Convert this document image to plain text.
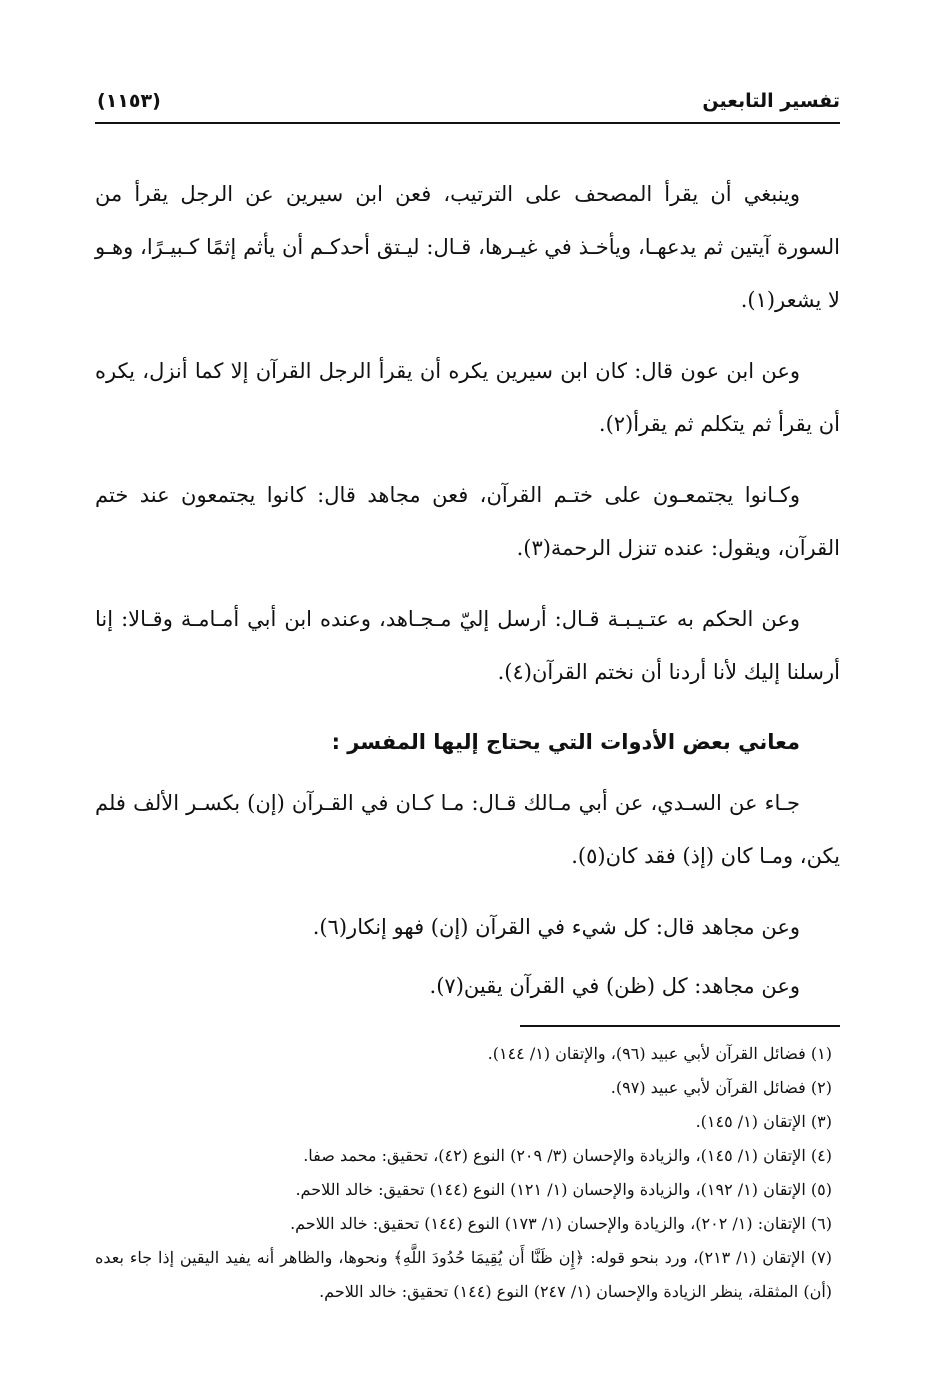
تفسير التابعين
(١١٥٣)

وينبغي أن يقرأ المصحف على الترتيب، فعن ابن سيرين عن الرجل يقرأ من السورة آيتين ثم يدعهـا، ويأخـذ في غيـرها، قـال: ليـتق أحدكـم أن يأثم إثمًا كـبيـرًا، وهـو لا يشعر(١).

وعن ابن عون قال: كان ابن سيرين يكره أن يقرأ الرجل القرآن إلا كما أنزل، يكره أن يقرأ ثم يتكلم ثم يقرأ(٢).

وكـانوا يجتمعـون على ختـم القرآن، فعن مجاهد قال: كانوا يجتمعون عند ختم القرآن، ويقول: عنده تنزل الرحمة(٣).

وعن الحكم به عتـيـبـة قـال: أرسل إليّ مـجـاهد، وعنده ابن أبي أمـامـة وقـالا: إنا أرسلنا إليك لأنا أردنا أن نختم القرآن(٤).

معاني بعض الأدوات التي يحتاج إليها المفسر :

جـاء عن السـدي، عن أبي مـالك قـال: مـا كـان في القـرآن (إن) بكسـر الألف فلم يكن، ومـا كان (إذ) فقد كان(٥).

وعن مجاهد قال: كل شيء في القرآن (إن) فهو إنكار(٦).

وعن مجاهد: كل (ظن) في القرآن يقين(٧).

(١) فضائل القرآن لأبي عبيد (٩٦)، والإتقان (١/ ١٤٤).

(٢) فضائل القرآن لأبي عبيد (٩٧).

(٣) الإتقان (١/ ١٤٥).

(٤) الإتقان (١/ ١٤٥)، والزيادة والإحسان (٣/ ٢٠٩) النوع (٤٢)، تحقيق: محمد صفا.

(٥) الإتقان (١/ ١٩٢)، والزيادة والإحسان (١/ ١٢١) النوع (١٤٤) تحقيق: خالد اللاحم.

(٦) الإتقان: (١/ ٢٠٢)، والزيادة والإحسان (١/ ١٧٣) النوع (١٤٤) تحقيق: خالد اللاحم.

(٧) الإتقان (١/ ٢١٣)، ورد بنحو قوله: ﴿إِن ظَنَّا أَن يُقِيمَا حُدُودَ اللَّهِ﴾ ونحوها، والظاهر أنه يفيد اليقين إذا جاء بعده (أن) المثقلة، ينظر الزيادة والإحسان (١/ ٢٤٧) النوع (١٤٤) تحقيق: خالد اللاحم.
